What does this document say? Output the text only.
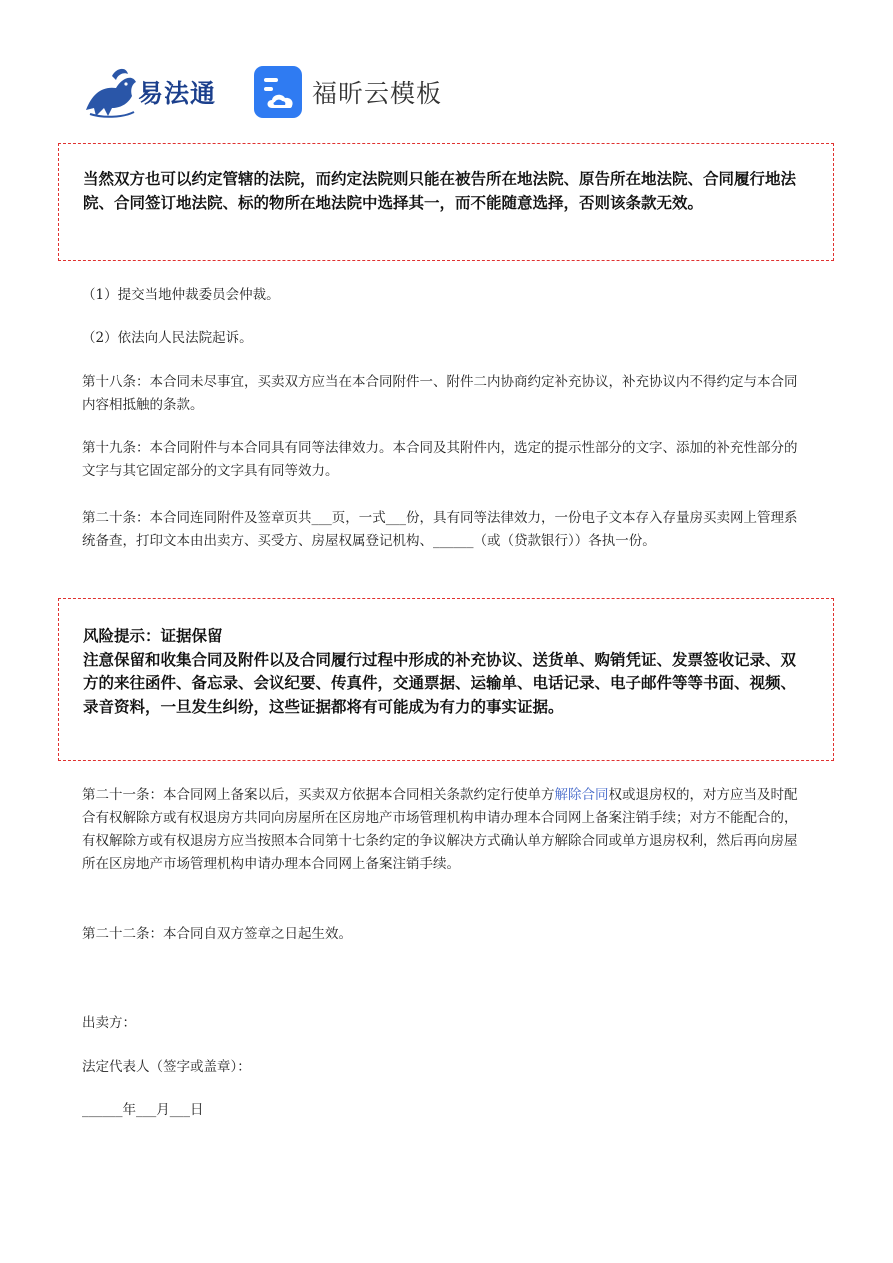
易法通	福昕云模板
当然双方也可以约定管辖的法院，而约定法院则只能在被告所在地法院、原告所在地法院、合同履行地法院、合同签订地法院、标的物所在地法院中选择其一，而不能随意选择，否则该条款无效。
（1）提交当地仲裁委员会仲裁。
（2）依法向人民法院起诉。
第十八条：本合同未尽事宜，买卖双方应当在本合同附件一、附件二内协商约定补充协议，补充协议内不得约定与本合同内容相抵触的条款。
第十九条：本合同附件与本合同具有同等法律效力。本合同及其附件内，选定的提示性部分的文字、添加的补充性部分的文字与其它固定部分的文字具有同等效力。
第二十条：本合同连同附件及签章页共___页，一式___份，具有同等法律效力，一份电子文本存入存量房买卖网上管理系统备查，打印文本由出卖方、买受方、房屋权属登记机构、______（或（贷款银行））各执一份。
风险提示：证据保留
注意保留和收集合同及附件以及合同履行过程中形成的补充协议、送货单、购销凭证、发票签收记录、双方的来往函件、备忘录、会议纪要、传真件，交通票据、运输单、电话记录、电子邮件等等书面、视频、录音资料，一旦发生纠纷，这些证据都将有可能成为有力的事实证据。
第二十一条：本合同网上备案以后，买卖双方依据本合同相关条款约定行使单方解除合同权或退房权的，对方应当及时配合有权解除方或有权退房方共同向房屋所在区房地产市场管理机构申请办理本合同网上备案注销手续；对方不能配合的，有权解除方或有权退房方应当按照本合同第十七条约定的争议解决方式确认单方解除合同或单方退房权利，然后再向房屋所在区房地产市场管理机构申请办理本合同网上备案注销手续。
第二十二条：本合同自双方签章之日起生效。
出卖方：
法定代表人（签字或盖章）：
______年___月___日
